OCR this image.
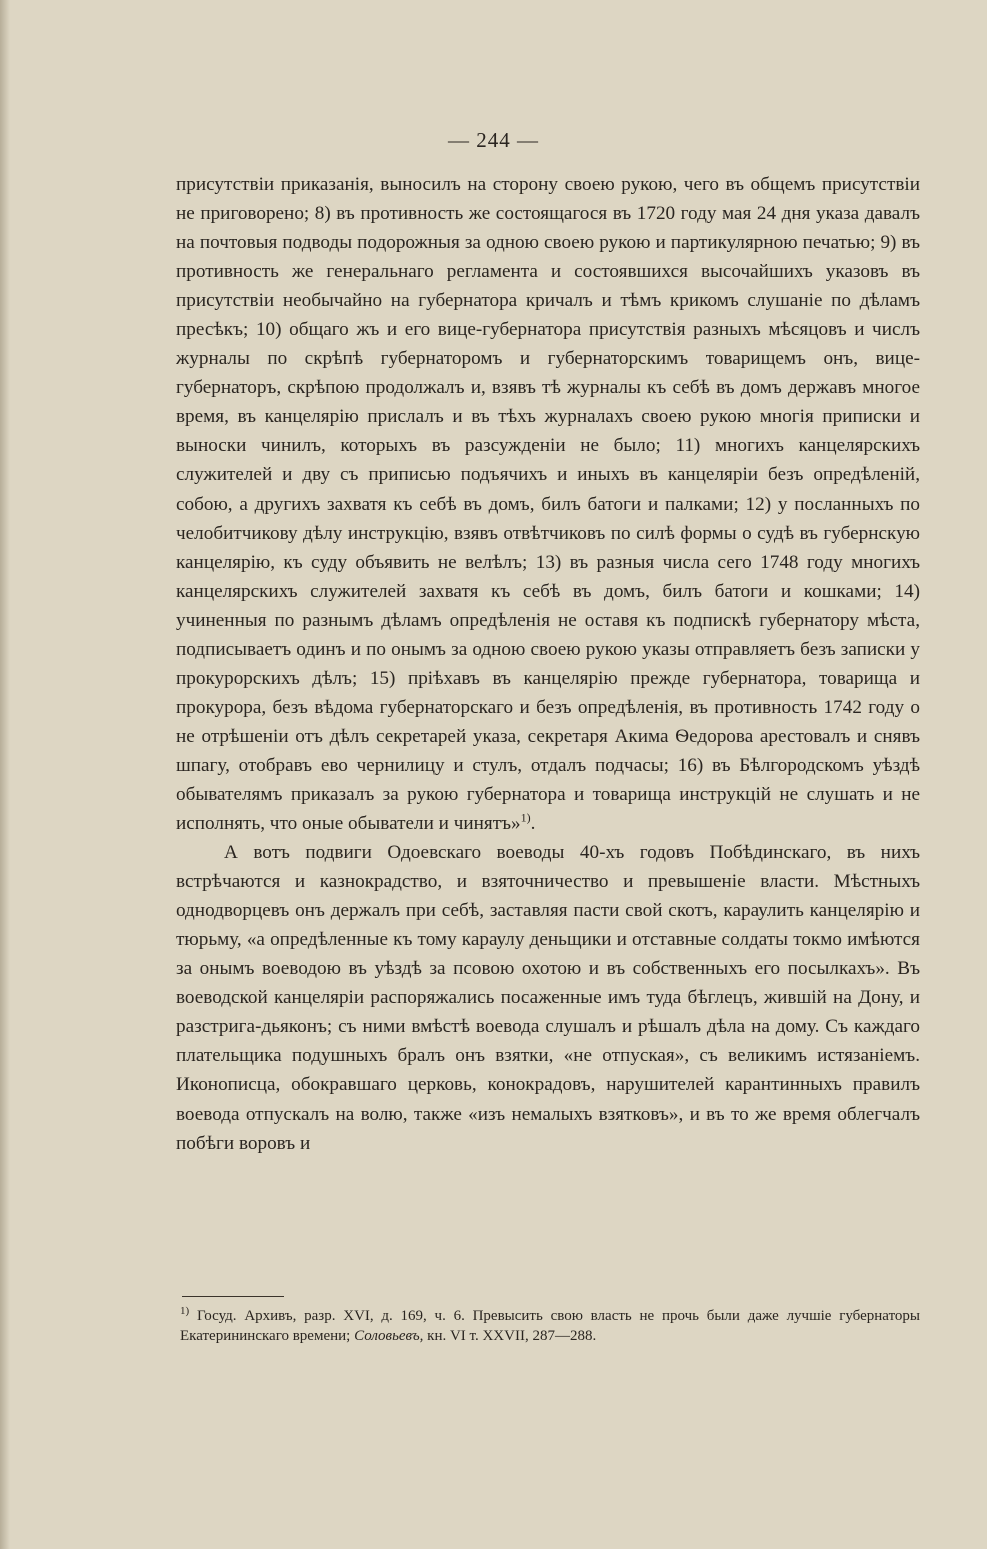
— 244 —

присутствіи приказанія, выносилъ на сторону своею рукою, чего въ общемъ присутствіи не приговорено; 8) въ противность же состоящагося въ 1720 году мая 24 дня указа давалъ на почтовыя подводы подорожныя за одною своею рукою и партикулярною печатью; 9) въ противность же генеральнаго регламента и состоявшихся высочайшихъ указовъ въ присутствіи необычайно на губернатора кричалъ и тѣмъ крикомъ слушаніе по дѣламъ пресѣкъ; 10) общаго жъ и его вице-губернатора присутствія разныхъ мѣсяцовъ и числъ журналы по скрѣпѣ губернаторомъ и губернаторскимъ товарищемъ онъ, вице-губернаторъ, скрѣпою продолжалъ и, взявъ тѣ журналы къ себѣ въ домъ державъ многое время, въ канцелярію прислалъ и въ тѣхъ журналахъ своею рукою многія приписки и выноски чинилъ, которыхъ въ разсужденіи не было; 11) многихъ канцелярскихъ служителей и дву съ приписью подъячихъ и иныхъ въ канцеляріи безъ опредѣленій, собою, а другихъ захватя къ себѣ въ домъ, билъ батоги и палками; 12) у посланныхъ по челобитчикову дѣлу инструкцію, взявъ отвѣтчиковъ по силѣ формы о судѣ въ губернскую канцелярію, къ суду объявить не велѣлъ; 13) въ разныя числа сего 1748 году многихъ канцелярскихъ служителей захватя къ себѣ въ домъ, билъ батоги и кошками; 14) учиненныя по разнымъ дѣламъ опредѣленія не оставя къ подпискѣ губернатору мѣста, подписываетъ одинъ и по онымъ за одною своею рукою указы отправляетъ безъ записки у прокурорскихъ дѣлъ; 15) пріѣхавъ въ канцелярію прежде губернатора, товарища и прокурора, безъ вѣдома губернаторскаго и безъ опредѣленія, въ противность 1742 году о не отрѣшеніи отъ дѣлъ секретарей указа, секретаря Акима Ѳедорова арестовалъ и снявъ шпагу, отобравъ ево чернилицу и стулъ, отдалъ подчасы; 16) въ Бѣлгородскомъ уѣздѣ обывателямъ приказалъ за рукою губернатора и товарища инструкцій не слушать и не исполнять, что оные обыватели и чинятъ»$^{1)}$.

А вотъ подвиги Одоевскаго воеводы 40-хъ годовъ Побѣдинскаго, въ нихъ встрѣчаются и казнокрадство, и взяточничество и превышеніе власти. Мѣстныхъ однодворцевъ онъ держалъ при себѣ, заставляя пасти свой скотъ, караулить канцелярію и тюрьму, «а опредѣленные къ тому караулу деньщики и отставные солдаты токмо имѣются за онымъ воеводою въ уѣздѣ за псовою охотою и въ собственныхъ его посылкахъ». Въ воеводской канцеляріи распоряжались посаженные имъ туда бѣглецъ, жившій на Дону, и разстрига-дьяконъ; съ ними вмѣстѣ воевода слушалъ и рѣшалъ дѣла на дому. Съ каждаго плательщика подушныхъ бралъ онъ взятки, «не отпуская», съ великимъ истязаніемъ. Иконописца, обокравшаго церковь, конокрадовъ, нарушителей карантинныхъ правилъ воевода отпускалъ на волю, также «изъ немалыхъ взятковъ», и въ то же время облегчалъ побѣги воровъ и

$^{1)}$ Госуд. Архивъ, разр. XVI, д. 169, ч. 6. Превысить свою власть не прочь были даже лучшіе губернаторы Екатерининскаго времени; Соловьевъ, кн. VI т. XXVII, 287—288.
